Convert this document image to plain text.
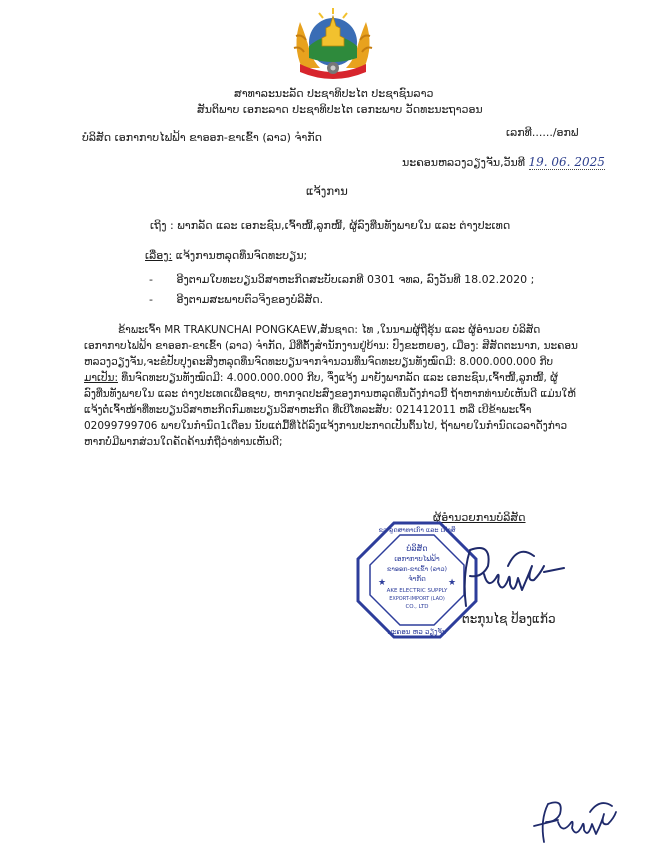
ສາທາລະນະລັດ ປະຊາທິປະໄຕ ປະຊາຊົນລາວ
ສັນຕິພາບ ເອກະລາດ ປະຊາທິປະໄຕ ເອກະພາບ ວັດທະນະຖາວອນ
ບໍລິສັດ ເອກາກາບໄຟຟ້າ ຂາອອກ-ຂາເຂົ້າ (ລາວ) ຈຳກັດ	ເລກທີ....../ອກຟ
ນະຄອນຫລວງວຽງຈັນ,ວັນທີ 19. 06. 2025
ແຈ້ງການ
ເຖິງ : ພາກລັດ ແລະ ເອກະຊົນ,ເຈົ້າໜີ້,ລູກໜີ້, ຜູ້ລົງທືນທັງພາຍໃນ ແລະ ຕ່າງປະເທດ
ເລື່ອງ: ແຈ້ງການຫລຸດທຶນຈົດທະບຽນ;
- ອີງຕາມໃບທະບຽນວິສາຫະກິດສະບັບເລກທີ 0301 ຈທລ, ລົງວັນທີ 18.02.2020 ;
- ອີງຕາມສະພາບຕົວຈິງຂອງບໍລິສັດ.
ຂ້າພະເຈົ້າ MR TRAKUNCHAI PONGKAEW,ສັນຊາດ: ໄທ ,ໃນນາມຜູ້ຖືຮຸ້ນ ແລະ ຜູ້ອຳນວຍ ບໍລິສັດ
ເອກາກາບໄຟຟ້າ ຂາອອກ-ຂາເຂົ້າ (ລາວ) ຈຳກັດ, ມີທີ່ຕັ້ງສຳນັກງານຢູ່ບ້ານ: ປົງຂະຫຍອງ, ເມືອງ: ສີສັດຕະນາກ, ນະຄອນ
ຫລວງວຽງຈັນ,ຈະຂໍປັບປຸງຄະສີງຫລຸດທຶນຈົດທະບຽນຈາກຈຳນວນທຶນຈົດທະບຽນທັງໝົດມີ: 8.000.000.000 ກີບ
ມາເປັນ: ທຶນຈົດທະບຽນທັງໝົດມີ: 4.000.000.000 ກີບ, ຈຶ່ງແຈ້ງ ມາຍັງພາກລັດ ແລະ ເອກະຊົນ,ເຈົ້າໜີ້,ລູກໜີ້, ຜູ້
ລົງທືນທັງພາຍໃນ ແລະ ຕ່າງປະເທດເພື່ອຊາບ, ຫາກຈຸດປະສົງຂອງການຫລຸດທຶນດັ່ງກ່າວນີ້ ຖ້າຫາກທ່ານບໍ່ເຫັນດີ ແມ່ນໃຫ້
ແຈ້ງຕໍ່ເຈົ້າໜ້າທີ່ທະບຽນວິສາຫະກິດກົມທະບຽນວິສາຫະກິດ ທີ່ເບີໂທລະສັບ: 021412011 ຫລື ເບີຂ້າພະເຈົ້າ
02099799706 ພາຍໃນກຳນົດ1ເດືອນ ນັບແຕ່ມື້ທີ່ໄດ້ລົງແຈ້ງການປະກາດເປັນຕົ້ນໄປ, ຖ້າພາຍໃນກຳນົດເວລາດັ່ງກ່າວ
ຫາກບໍ່ມີພາກສ່ວນໃດຄັດຄ້ານກໍ່ຖືວ່າທ່ານເຫັນດີ;
ຜູ້ອຳນວຍການບໍລິສັດ
ຂວ ລູດສາທາເກົາ ແລະ ເກົ່າສິ
ນະຄອນ ຫວ ວຽງຈັນ
ບໍລິສັດ
ເອກາກາບໄຟຟ້າ
ຂາອອກ-ຂາເຂົ້າ (ລາວ)
ຈຳກັດ
AKE ELECTRIC SUPPLY
EXPORT-IMPORT (LAO)
CO., LTD
★	★
ຕະກຸນໄຊ ປ້ອງແກ້ວ
